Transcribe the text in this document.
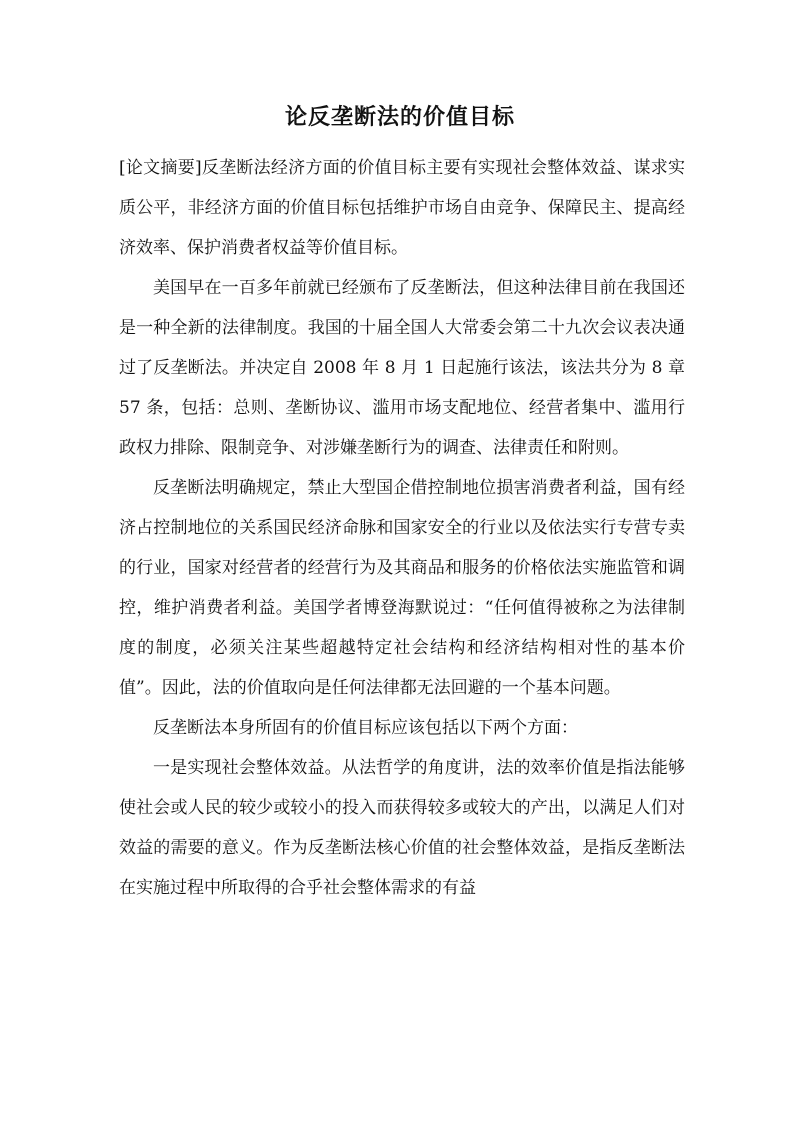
论反垄断法的价值目标

[论文摘要]反垄断法经济方面的价值目标主要有实现社会整体效益、谋求实质公平，非经济方面的价值目标包括维护市场自由竞争、保障民主、提高经济效率、保护消费者权益等价值目标。

美国早在一百多年前就已经颁布了反垄断法，但这种法律目前在我国还是一种全新的法律制度。我国的十届全国人大常委会第二十九次会议表决通过了反垄断法。并决定自 2008 年 8 月 1 日起施行该法，该法共分为 8 章 57 条，包括：总则、垄断协议、滥用市场支配地位、经营者集中、滥用行政权力排除、限制竞争、对涉嫌垄断行为的调查、法律责任和附则。

反垄断法明确规定，禁止大型国企借控制地位损害消费者利益，国有经济占控制地位的关系国民经济命脉和国家安全的行业以及依法实行专营专卖的行业，国家对经营者的经营行为及其商品和服务的价格依法实施监管和调控，维护消费者利益。美国学者博登海默说过：“任何值得被称之为法律制度的制度，必须关注某些超越特定社会结构和经济结构相对性的基本价值”。因此，法的价值取向是任何法律都无法回避的一个基本问题。

反垄断法本身所固有的价值目标应该包括以下两个方面：

一是实现社会整体效益。从法哲学的角度讲，法的效率价值是指法能够使社会或人民的较少或较小的投入而获得较多或较大的产出，以满足人们对效益的需要的意义。作为反垄断法核心价值的社会整体效益，是指反垄断法在实施过程中所取得的合乎社会整体需求的有益
